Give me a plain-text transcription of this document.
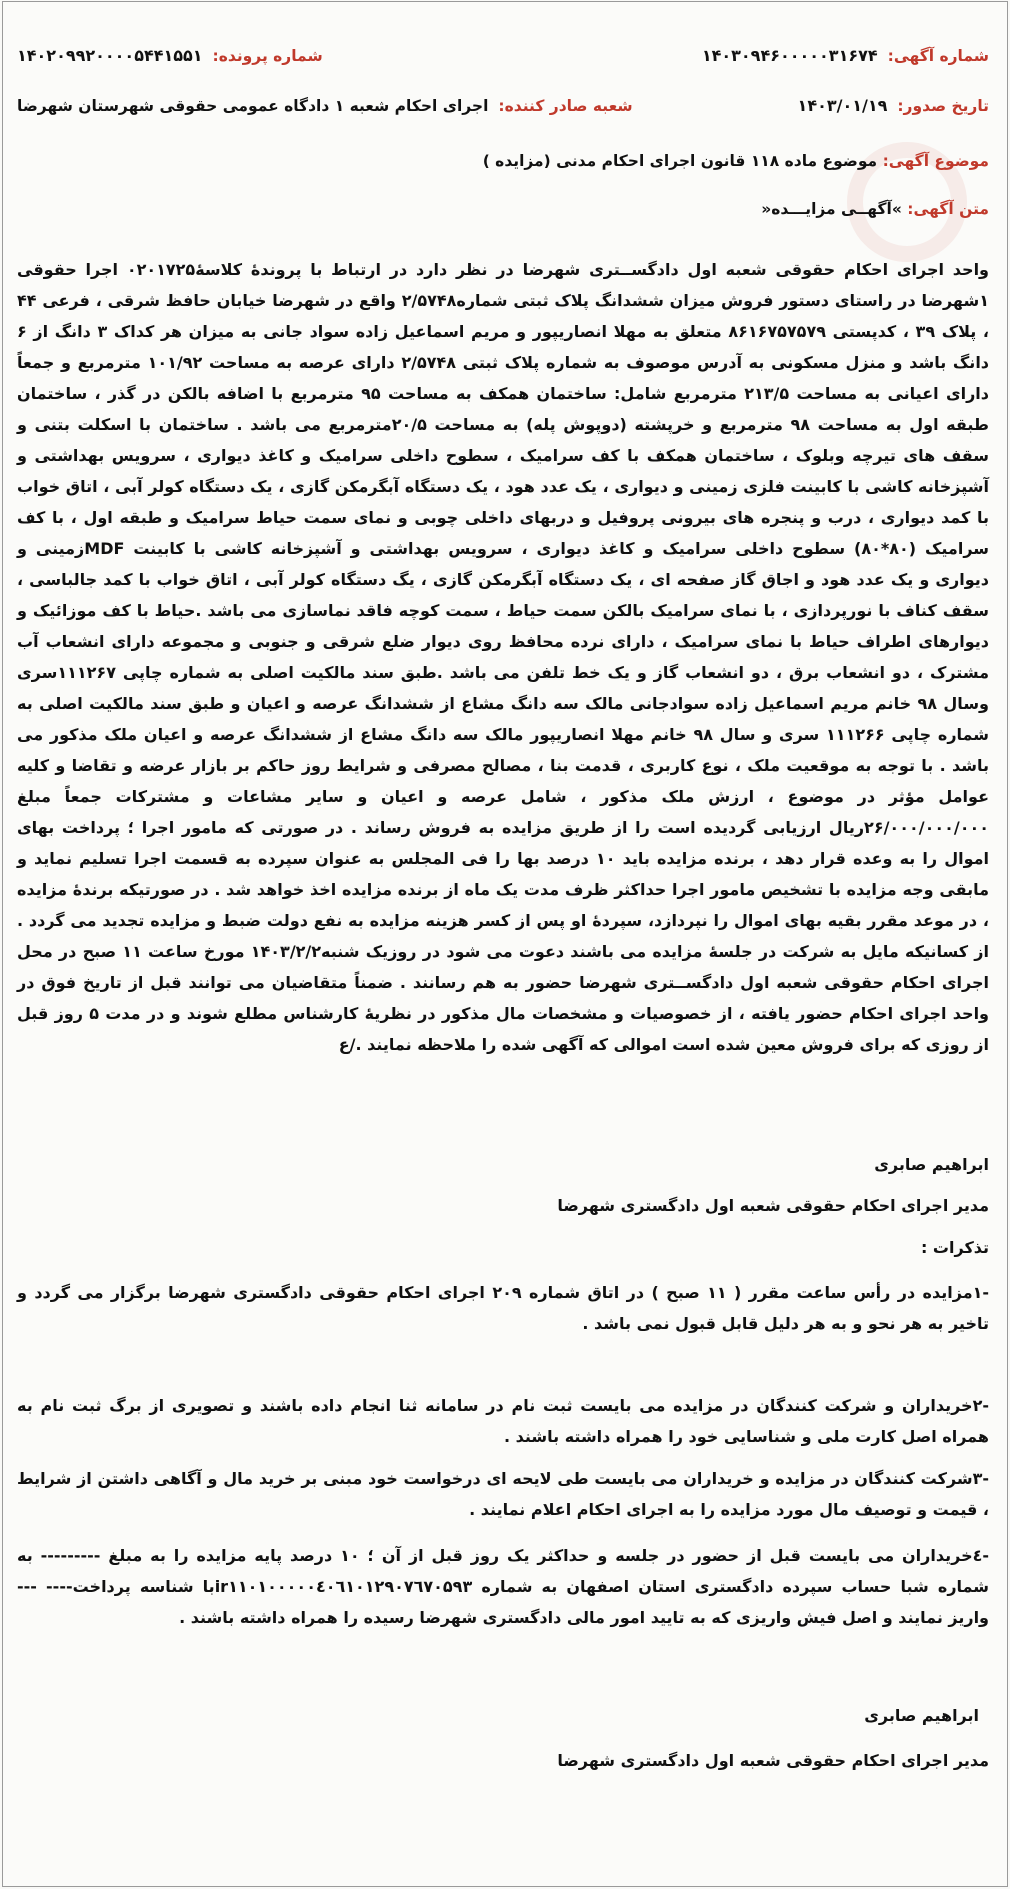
شماره آگهی:
۱۴۰۳۰۹۴۶۰۰۰۰۰۳۱۶۷۴
شماره پرونده:
۱۴۰۲۰۹۹۲۰۰۰۰۵۴۴۱۵۵۱
تاریخ صدور:
۱۴۰۳/۰۱/۱۹
شعبه صادر کننده:
اجرای احکام شعبه ۱ دادگاه عمومی حقوقی شهرستان شهرضا
موضوع آگهی: موضوع ماده ۱۱۸ قانون اجرای احکام مدنی (مزایده )
متن آگهی: »آگهــی مزایـــده«
واحد اجرای احکام حقوقی شعبه اول دادگســتری شهرضا در نظر دارد در ارتباط با پروندهٔ کلاسهٔ۰۲۰۱۷۲۵ اجرا حقوقی ۱شهرضا در راستای دستور فروش میزان ششدانگ پلاک ثبتی شماره۲/۵۷۴۸ واقع در شهرضا خیابان حافظ شرقی ، فرعی ۴۴ ، پلاک ۳۹ ، کدپستی ۸۶۱۶۷۵۷۵۷۹ متعلق به مهلا انصاریپور و مریم اسماعیل زاده سواد جانی به میزان هر کداک ۳ دانگ از ۶ دانگ باشد و منزل مسکونی به آدرس موصوف به شماره پلاک ثبتی ۲/۵۷۴۸ دارای عرصه به مساحت ۱۰۱/۹۲ مترمربع و جمعاً دارای اعیانی به مساحت ۲۱۳/۵ مترمربع شامل: ساختمان همکف به مساحت ۹۵ مترمربع با اضافه بالکن در گذر ، ساختمان طبقه اول به مساحت ۹۸ مترمربع و خرپشته (دوپوش پله) به مساحت ۲۰/۵مترمربع می باشد . ساختمان با اسکلت بتنی و سقف های تیرچه وبلوک ، ساختمان همکف با کف سرامیک ، سطوح داخلی سرامیک و کاغذ دیواری ، سرویس بهداشتی و آشپزخانه کاشی با کابینت فلزی زمینی و دیواری ، یک عدد هود ، یک دستگاه آبگرمکن گازی ، یک دستگاه کولر آبی ، اتاق خواب با کمد دیواری ، درب و پنجره های بیرونی پروفیل و دربهای داخلی چوبی و نمای سمت حیاط سرامیک و طبقه اول ، با کف سرامیک (۸۰*۸۰) سطوح داخلی سرامیک و کاغذ دیواری ، سرویس بهداشتی و آشپزخانه کاشی با کابینت MDFزمینی و دیواری و یک عدد هود و اجاق گاز صفحه ای ، یک دستگاه آبگرمکن گازی ، یگ دستگاه کولر آبی ، اتاق خواب با کمد جالباسی ، سقف کناف با نورپردازی ، با نمای سرامیک بالکن سمت حیاط ، سمت کوچه فاقد نماسازی می باشد .حیاط با کف موزائیک و دیوارهای اطراف حیاط با نمای سرامیک ، دارای نرده محافظ روی دیوار ضلع شرقی و جنوبی و مجموعه دارای انشعاب آب مشترک ، دو انشعاب برق ، دو انشعاب گاز و یک خط تلفن می باشد .طبق سند مالکیت اصلی به شماره چاپی ۱۱۱۲۶۷سری وسال ۹۸ خانم مریم اسماعیل زاده سوادجانی مالک سه دانگ مشاع از ششدانگ عرصه و اعیان و طبق سند مالکیت اصلی به شماره چاپی ۱۱۱۲۶۶ سری و سال ۹۸ خانم مهلا انصاریپور مالک سه دانگ مشاع از ششدانگ عرصه و اعیان ملک مذکور می باشد . با توجه به موقعیت ملک ، نوع کاربری ، قدمت بنا ، مصالح مصرفی و شرایط روز حاکم بر بازار عرضه و تقاضا و کلیه عوامل مؤثر در موضوع ، ارزش ملک مذکور ، شامل عرصه و اعیان و سایر مشاعات و مشترکات جمعاً مبلغ ۲۶/۰۰۰/۰۰۰/۰۰۰ریال ارزیابی گردیده است را از طریق مزایده به فروش رساند . در صورتی که مامور اجرا ؛ پرداخت بهای اموال را به وعده قرار دهد ، برنده مزایده باید ۱۰ درصد بها را فی المجلس به عنوان سپرده به قسمت اجرا تسلیم نماید و مابقی وجه مزایده با تشخیص مامور اجرا حداکثر ظرف مدت یک ماه از برنده مزایده اخذ خواهد شد . در صورتیکه برندهٔ مزایده ، در موعد مقرر بقیه بهای اموال را نپردازد، سپردهٔ او پس از کسر هزینه مزایده به نفع دولت ضبط و مزایده تجدید می گردد . از کسانیکه مایل به شرکت در جلسهٔ مزایده می باشند دعوت می شود در روزیک شنبه۱۴۰۳/۲/۲ مورخ ساعت ۱۱ صبح در محل اجرای احکام حقوقی شعبه اول دادگســتری شهرضا حضور به هم رسانند . ضمناً متقاضیان می توانند قبل از تاریخ فوق در واحد اجرای احکام حضور یافته ، از خصوصیات و مشخصات مال مذکور در نظریهٔ کارشناس مطلع شوند و در مدت ۵ روز قبل از روزی که برای فروش معین شده است اموالی که آگهی شده را ملاحظه نمایند ./ع
ابراهیم صابری
مدیر اجرای احکام حقوقی شعبه اول دادگستری شهرضا
تذکرات :
-۱مزایده در رأس ساعت مقرر ( ۱۱ صبح ) در اتاق شماره ۲۰۹ اجرای احکام حقوقی دادگستری شهرضا برگزار می گردد و تاخیر به هر نحو و به هر دلیل قابل قبول نمی باشد .
-۲خریداران و شرکت کنندگان در مزایده می بایست ثبت نام در سامانه ثنا انجام داده باشند و تصویری از برگ ثبت نام به همراه اصل کارت ملی و شناسایی خود را همراه داشته باشند .
-۳شرکت کنندگان در مزایده و خریداران می بایست طی لایحه ای درخواست خود مبنی بر خرید مال و آگاهی داشتن از شرایط ، قیمت و توصیف مال مورد مزایده را به اجرای احکام اعلام نمایند .
-٤خریداران می بایست قبل از حضور در جلسه و حداکثر یک روز قبل از آن ؛ ۱۰ درصد پایه مزایده را به مبلغ --------- به شماره شبا حساب سپرده دادگستری استان اصفهان به شماره ir۱۱۰۱۰۰۰۰۰٤۰٦۱۰۱۲۹۰۷٦۷۰۵۹۳با شناسه پرداخت---- --- واریز نمایند و اصل فیش واریزی که به تایید امور مالی دادگستری شهرضا رسیده را همراه داشته باشند .
ابراهیم صابری
مدیر اجرای احکام حقوقی شعبه اول دادگستری شهرضا
